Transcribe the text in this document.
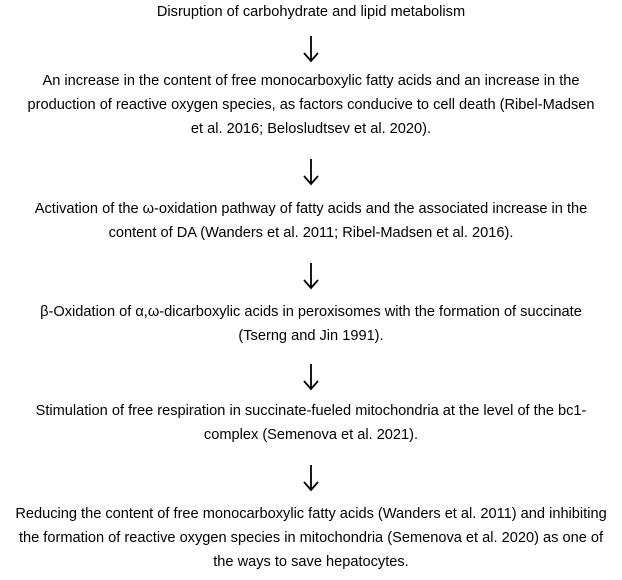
Disruption of carbohydrate and lipid metabolism
An increase in the content of free monocarboxylic fatty acids and an increase in the
production of reactive oxygen species, as factors conducive to cell death (Ribel-Madsen
et al. 2016; Belosludtsev et al. 2020).
Activation of the ω-oxidation pathway of fatty acids and the associated increase in the
content of DA (Wanders et al. 2011; Ribel-Madsen et al. 2016).
β-Oxidation of α,ω-dicarboxylic acids in peroxisomes with the formation of succinate
(Tserng and Jin 1991).
Stimulation of free respiration in succinate-fueled mitochondria at the level of the bc1-
complex (Semenova et al. 2021).
Reducing the content of free monocarboxylic fatty acids (Wanders et al. 2011) and inhibiting
the formation of reactive oxygen species in mitochondria (Semenova et al. 2020) as one of
the ways to save hepatocytes.
